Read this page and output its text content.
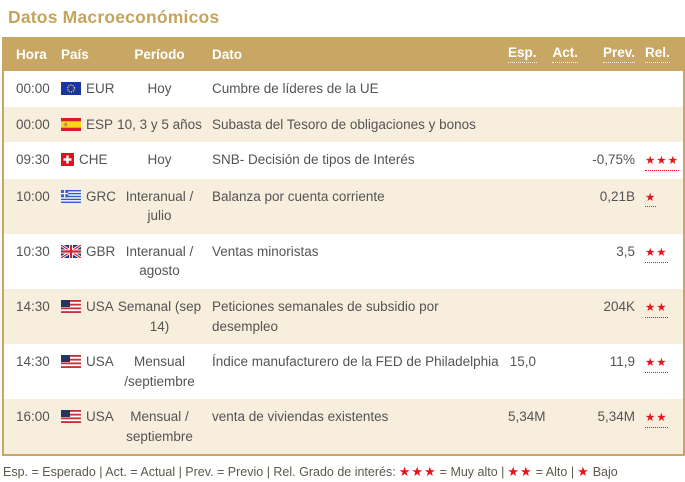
Datos Macroeconómicos
Hora	País	Período	Dato	Esp.	Act.	Prev.	Rel.
00:00	EUR	Hoy	Cumbre de líderes de la UE				
00:00	ESP	10, 3 y 5 años	Subasta del Tesoro de obligaciones y bonos				
09:30	CHE	Hoy	SNB- Decisión de tipos de Interés			-0,75%	★★★
10:00	GRC	Interanual / julio	Balanza por cuenta corriente			0,21B	★
10:30	GBR	Interanual / agosto	Ventas minoristas			3,5	★★
14:30	USA	Semanal (sep 14)	Peticiones semanales de subsidio por desempleo			204K	★★
14:30	USA	Mensual /septiembre	Índice manufacturero de la FED de Philadelphia	15,0		11,9	★★
16:00	USA	Mensual / septiembre	venta de viviendas existentes	5,34M		5,34M	★★
Esp. = Esperado | Act. = Actual | Prev. = Previo | Rel. Grado de interés: ★★★ = Muy alto | ★★ = Alto | ★ Bajo
